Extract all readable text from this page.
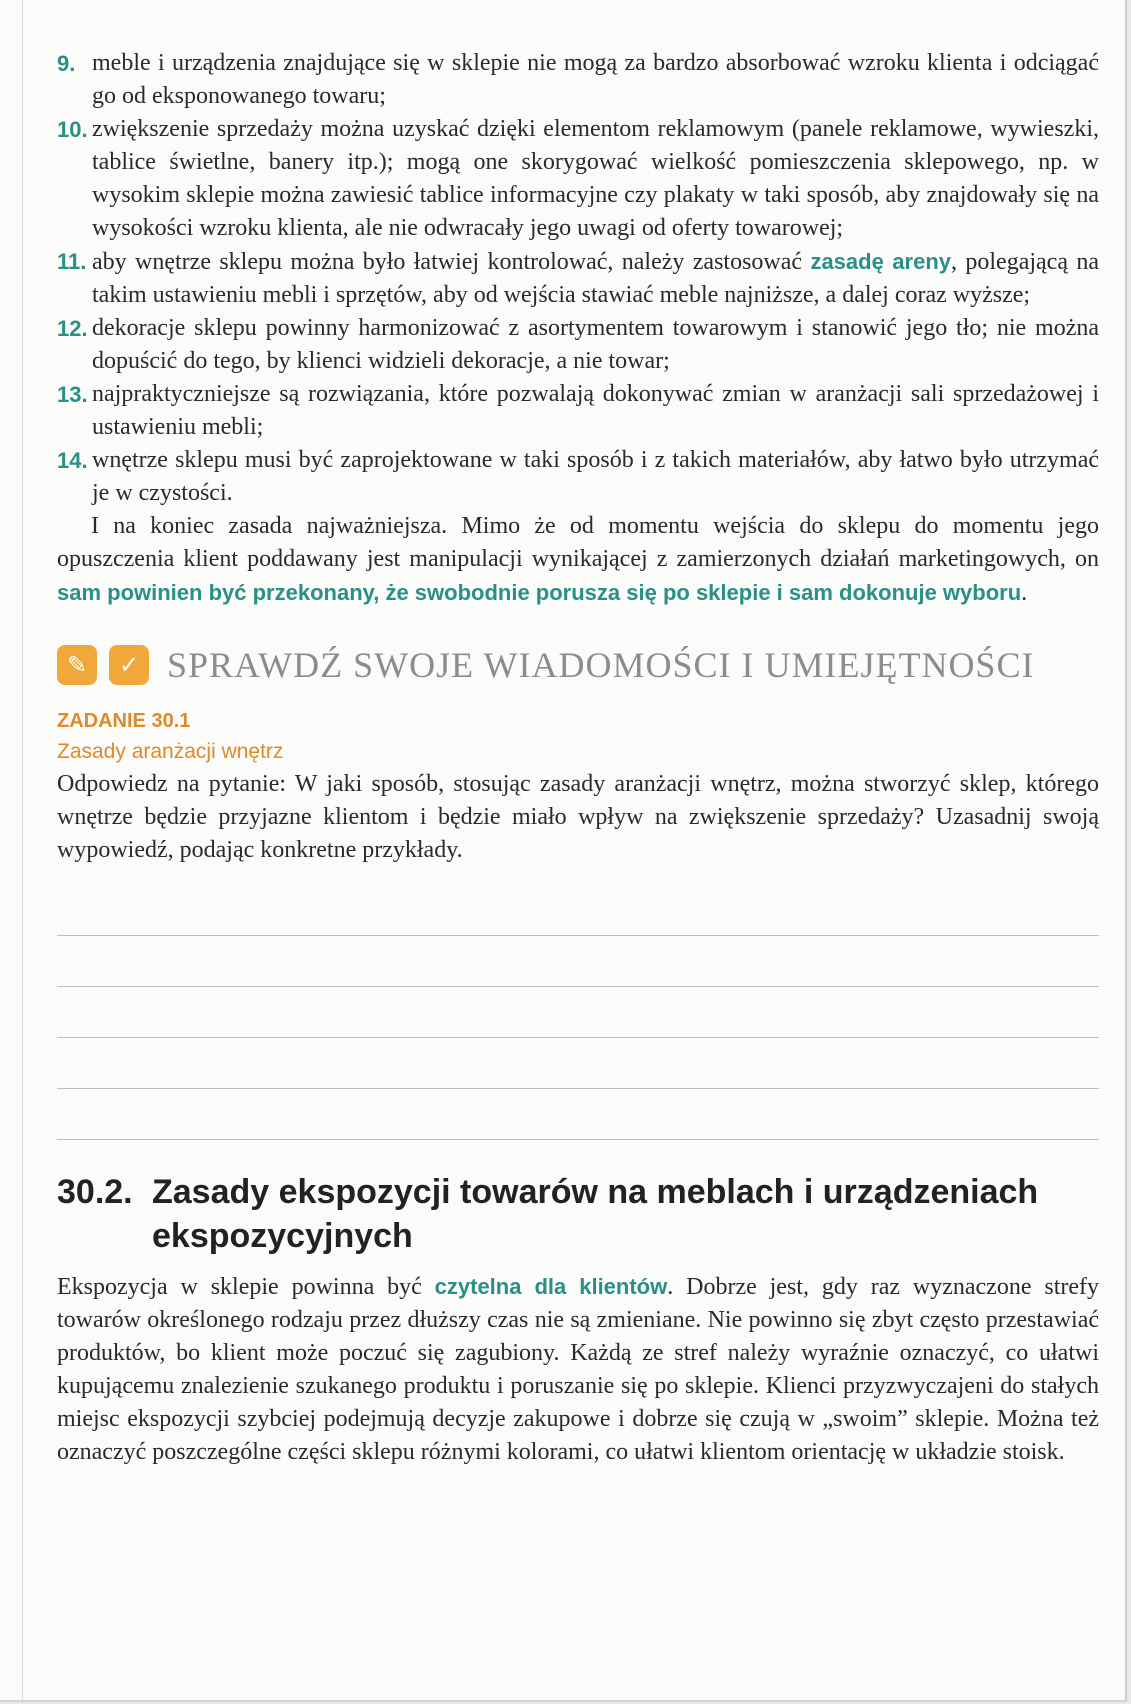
9. meble i urządzenia znajdujące się w sklepie nie mogą za bardzo absorbować wzroku klienta i odciągać go od eksponowanego towaru;
10. zwiększenie sprzedaży można uzyskać dzięki elementom reklamowym (panele reklamowe, wywieszki, tablice świetlne, banery itp.); mogą one skorygować wielkość pomieszczenia sklepowego, np. w wysokim sklepie można zawiesić tablice informacyjne czy plakaty w taki sposób, aby znajdowały się na wysokości wzroku klienta, ale nie odwracały jego uwagi od oferty towarowej;
11. aby wnętrze sklepu można było łatwiej kontrolować, należy zastosować zasadę areny, polegającą na takim ustawieniu mebli i sprzętów, aby od wejścia stawiać meble najniższe, a dalej coraz wyższe;
12. dekoracje sklepu powinny harmonizować z asortymentem towarowym i stanowić jego tło; nie można dopuścić do tego, by klienci widzieli dekoracje, a nie towar;
13. najpraktyczniejsze są rozwiązania, które pozwalają dokonywać zmian w aranżacji sali sprzedażowej i ustawieniu mebli;
14. wnętrze sklepu musi być zaprojektowane w taki sposób i z takich materiałów, aby łatwo było utrzymać je w czystości.

I na koniec zasada najważniejsza. Mimo że od momentu wejścia do sklepu do momentu jego opuszczenia klient poddawany jest manipulacji wynikającej z zamierzonych działań marketingowych, on sam powinien być przekonany, że swobodnie porusza się po sklepie i sam dokonuje wyboru.

✎	✓ SPRAWDŹ SWOJE WIADOMOŚCI I UMIEJĘTNOŚCI
ZADANIE 30.1
Zasady aranżacji wnętrz

Odpowiedz na pytanie: W jaki sposób, stosując zasady aranżacji wnętrz, można stworzyć sklep, którego wnętrze będzie przyjazne klientom i będzie miało wpływ na zwiększenie sprzedaży? Uzasadnij swoją wypowiedź, podając konkretne przykłady.

30.2. Zasady ekspozycji towarów na meblach i urządzeniach ekspozycyjnych

Ekspozycja w sklepie powinna być czytelna dla klientów. Dobrze jest, gdy raz wyznaczone strefy towarów określonego rodzaju przez dłuższy czas nie są zmieniane. Nie powinno się zbyt często przestawiać produktów, bo klient może poczuć się zagubiony. Każdą ze stref należy wyraźnie oznaczyć, co ułatwi kupującemu znalezienie szukanego produktu i poruszanie się po sklepie. Klienci przyzwyczajeni do stałych miejsc ekspozycji szybciej podejmują decyzje zakupowe i dobrze się czują w „swoim” sklepie. Można też oznaczyć poszczególne części sklepu różnymi kolorami, co ułatwi klientom orientację w układzie stoisk.
